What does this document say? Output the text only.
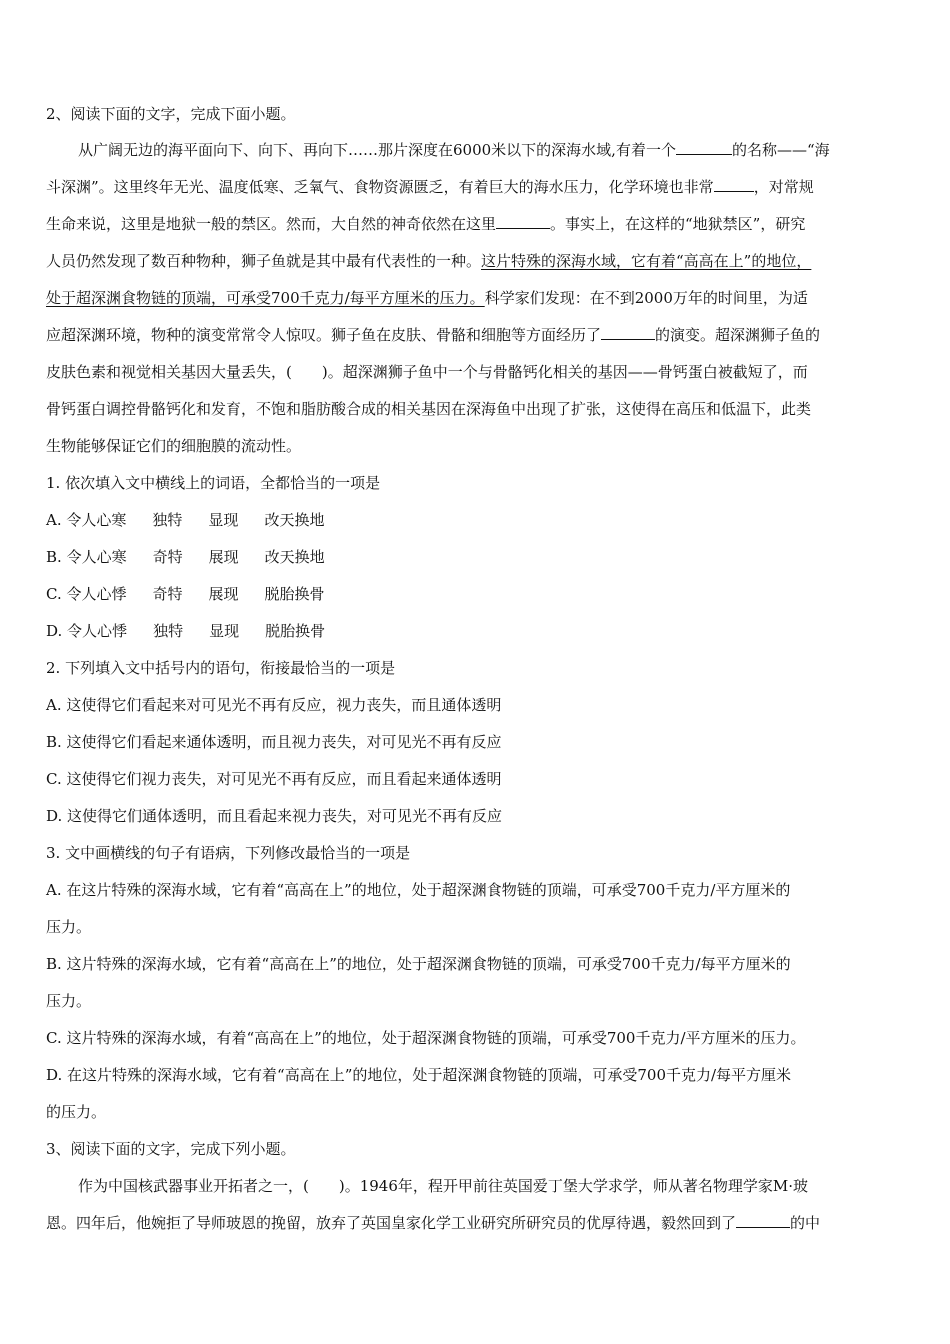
2、阅读下面的文字，完成下面小题。
从广阔无边的海平面向下、向下、再向下……那片深度在6000米以下的深海水域,有着一个	的名称——“海
斗深渊”。这里终年无光、温度低寒、乏氧气、食物资源匮乏，有着巨大的海水压力，化学环境也非常	，对常规
生命来说，这里是地狱一般的禁区。然而，大自然的神奇依然在这里	。事实上，在这样的“地狱禁区”，研究
人员仍然发现了数百种物种，狮子鱼就是其中最有代表性的一种。这片特殊的深海水域，它有着“高高在上”的地位，
处于超深渊食物链的顶端，可承受700千克力/每平方厘米的压力。科学家们发现：在不到2000万年的时间里，为适
应超深渊环境，物种的演变常常令人惊叹。狮子鱼在皮肤、骨骼和细胞等方面经历了	的演变。超深渊狮子鱼的
皮肤色素和视觉相关基因大量丢失，(　　)。超深渊狮子鱼中一个与骨骼钙化相关的基因——骨钙蛋白被截短了，而
骨钙蛋白调控骨骼钙化和发育，不饱和脂肪酸合成的相关基因在深海鱼中出现了扩张，这使得在高压和低温下，此类
生物能够保证它们的细胞膜的流动性。
1. 依次填入文中横线上的词语，全都恰当的一项是
A. 令人心寒 独特 显现 改天换地
B. 令人心寒 奇特 展现 改天换地
C. 令人心悸 奇特 展现 脱胎换骨
D. 令人心悸 独特 显现 脱胎换骨
2. 下列填入文中括号内的语句，衔接最恰当的一项是
A. 这使得它们看起来对可见光不再有反应，视力丧失，而且通体透明
B. 这使得它们看起来通体透明，而且视力丧失，对可见光不再有反应
C. 这使得它们视力丧失，对可见光不再有反应，而且看起来通体透明
D. 这使得它们通体透明，而且看起来视力丧失，对可见光不再有反应
3. 文中画横线的句子有语病，下列修改最恰当的一项是
A. 在这片特殊的深海水域，它有着“高高在上”的地位，处于超深渊食物链的顶端，可承受700千克力/平方厘米的
压力。
B. 这片特殊的深海水域，它有着“高高在上”的地位，处于超深渊食物链的顶端，可承受700千克力/每平方厘米的
压力。
C. 这片特殊的深海水域，有着“高高在上”的地位，处于超深渊食物链的顶端，可承受700千克力/平方厘米的压力。
D. 在这片特殊的深海水域，它有着“高高在上”的地位，处于超深渊食物链的顶端，可承受700千克力/每平方厘米
的压力。
3、阅读下面的文字，完成下列小题。
作为中国核武器事业开拓者之一，(　　)。1946年，程开甲前往英国爱丁堡大学求学，师从著名物理学家M·玻
恩。四年后，他婉拒了导师玻恩的挽留，放弃了英国皇家化学工业研究所研究员的优厚待遇，毅然回到了	的中
